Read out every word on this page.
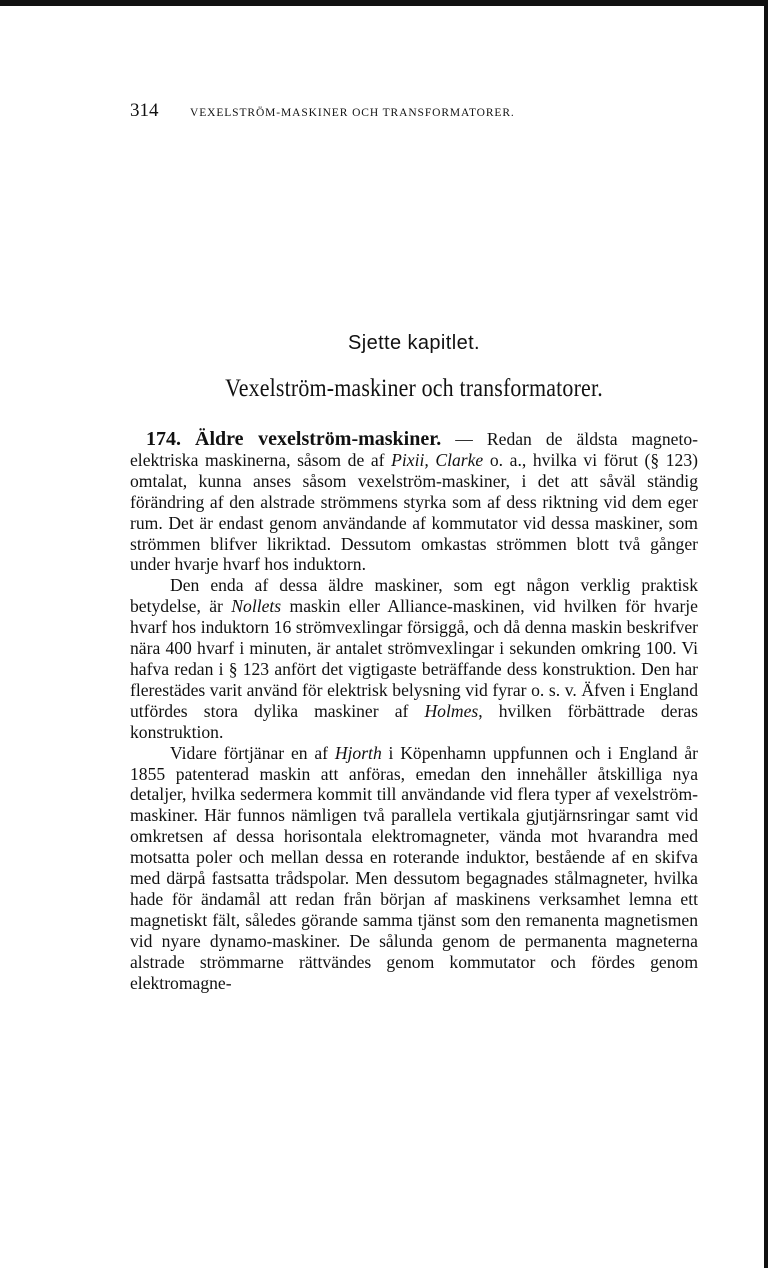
314	VEXELSTRÖM-MASKINER OCH TRANSFORMATORER.
Sjette kapitlet.
Vexelström-maskiner och transformatorer.

174. Äldre vexelström-maskiner. — Redan de äldsta magneto-elektriska maskinerna, såsom de af Pixii, Clarke o. a., hvilka vi förut (§ 123) omtalat, kunna anses såsom vexelström-maskiner, i det att såväl ständig förändring af den alstrade strömmens styrka som af dess riktning vid dem eger rum. Det är endast genom användande af kommutator vid dessa maskiner, som strömmen blifver likriktad. Dessutom omkastas strömmen blott två gånger under hvarje hvarf hos induktorn.

Den enda af dessa äldre maskiner, som egt någon verklig praktisk betydelse, är Nollets maskin eller Alliance-maskinen, vid hvilken för hvarje hvarf hos induktorn 16 strömvexlingar försiggå, och då denna maskin beskrifver nära 400 hvarf i minuten, är antalet strömvexlingar i sekunden omkring 100. Vi hafva redan i § 123 anfört det vigtigaste beträffande dess konstruktion. Den har flerestädes varit använd för elektrisk belysning vid fyrar o. s. v. Äfven i England utfördes stora dylika maskiner af Holmes, hvilken förbättrade deras konstruktion.

Vidare förtjänar en af Hjorth i Köpenhamn uppfunnen och i England år 1855 patenterad maskin att anföras, emedan den innehåller åtskilliga nya detaljer, hvilka sedermera kommit till användande vid flera typer af vexelström-maskiner. Här funnos nämligen två parallela vertikala gjutjärnsringar samt vid omkretsen af dessa horisontala elektromagneter, vända mot hvarandra med motsatta poler och mellan dessa en roterande induktor, bestående af en skifva med därpå fastsatta trådspolar. Men dessutom begagnades stålmagneter, hvilka hade för ändamål att redan från början af maskinens verksamhet lemna ett magnetiskt fält, således görande samma tjänst som den remanenta magnetismen vid nyare dynamo-maskiner. De sålunda genom de permanenta magneterna alstrade strömmarne rättvändes genom kommutator och fördes genom elektromagne-
